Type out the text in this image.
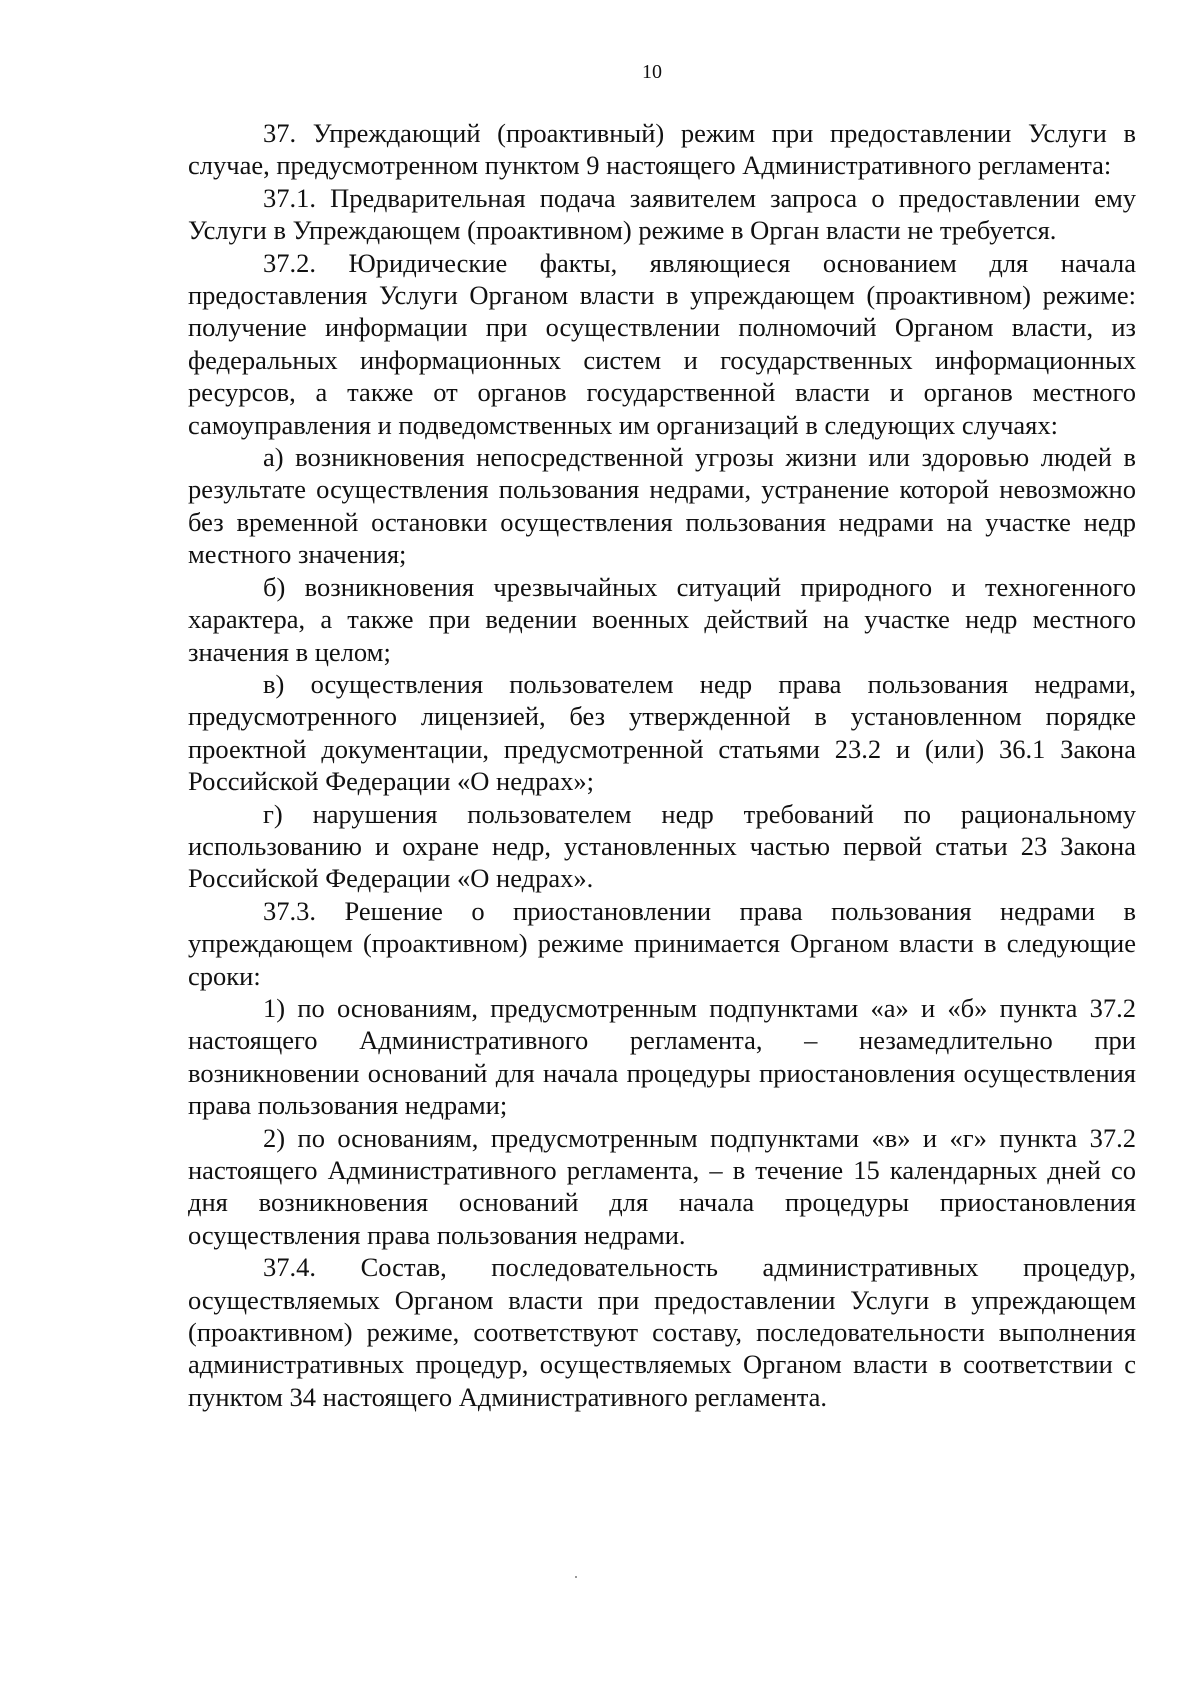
10

37. Упреждающий (проактивный) режим при предоставлении Услуги в случае, предусмотренном пунктом 9 настоящего Административного регламента:

37.1. Предварительная подача заявителем запроса о предоставлении ему Услуги в Упреждающем (проактивном) режиме в Орган власти не требуется.

37.2. Юридические факты, являющиеся основанием для начала предоставления Услуги Органом власти в упреждающем (проактивном) режиме: получение информации при осуществлении полномочий Органом власти, из федеральных информационных систем и государственных информационных ресурсов, а также от органов государственной власти и органов местного самоуправления и подведомственных им организаций в следующих случаях:

а) возникновения непосредственной угрозы жизни или здоровью людей в результате осуществления пользования недрами, устранение которой невозможно без временной остановки осуществления пользования недрами на участке недр местного значения;

б) возникновения чрезвычайных ситуаций природного и техногенного характера, а также при ведении военных действий на участке недр местного значения в целом;

в) осуществления пользователем недр права пользования недрами, предусмотренного лицензией, без утвержденной в установленном порядке проектной документации, предусмотренной статьями 23.2 и (или) 36.1 Закона Российской Федерации «О недрах»;

г) нарушения пользователем недр требований по рациональному использованию и охране недр, установленных частью первой статьи 23 Закона Российской Федерации «О недрах».

37.3. Решение о приостановлении права пользования недрами в упреждающем (проактивном) режиме принимается Органом власти в следующие сроки:

1) по основаниям, предусмотренным подпунктами «а» и «б» пункта 37.2 настоящего Административного регламента, – незамедлительно при возникновении оснований для начала процедуры приостановления осуществления права пользования недрами;

2) по основаниям, предусмотренным подпунктами «в» и «г» пункта 37.2 настоящего Административного регламента, – в течение 15 календарных дней со дня возникновения оснований для начала процедуры приостановления осуществления права пользования недрами.

37.4. Состав, последовательность административных процедур, осуществляемых Органом власти при предоставлении Услуги в упреждающем (проактивном) режиме, соответствуют составу, последовательности выполнения административных процедур, осуществляемых Органом власти в соответствии с пунктом 34 настоящего Административного регламента.
